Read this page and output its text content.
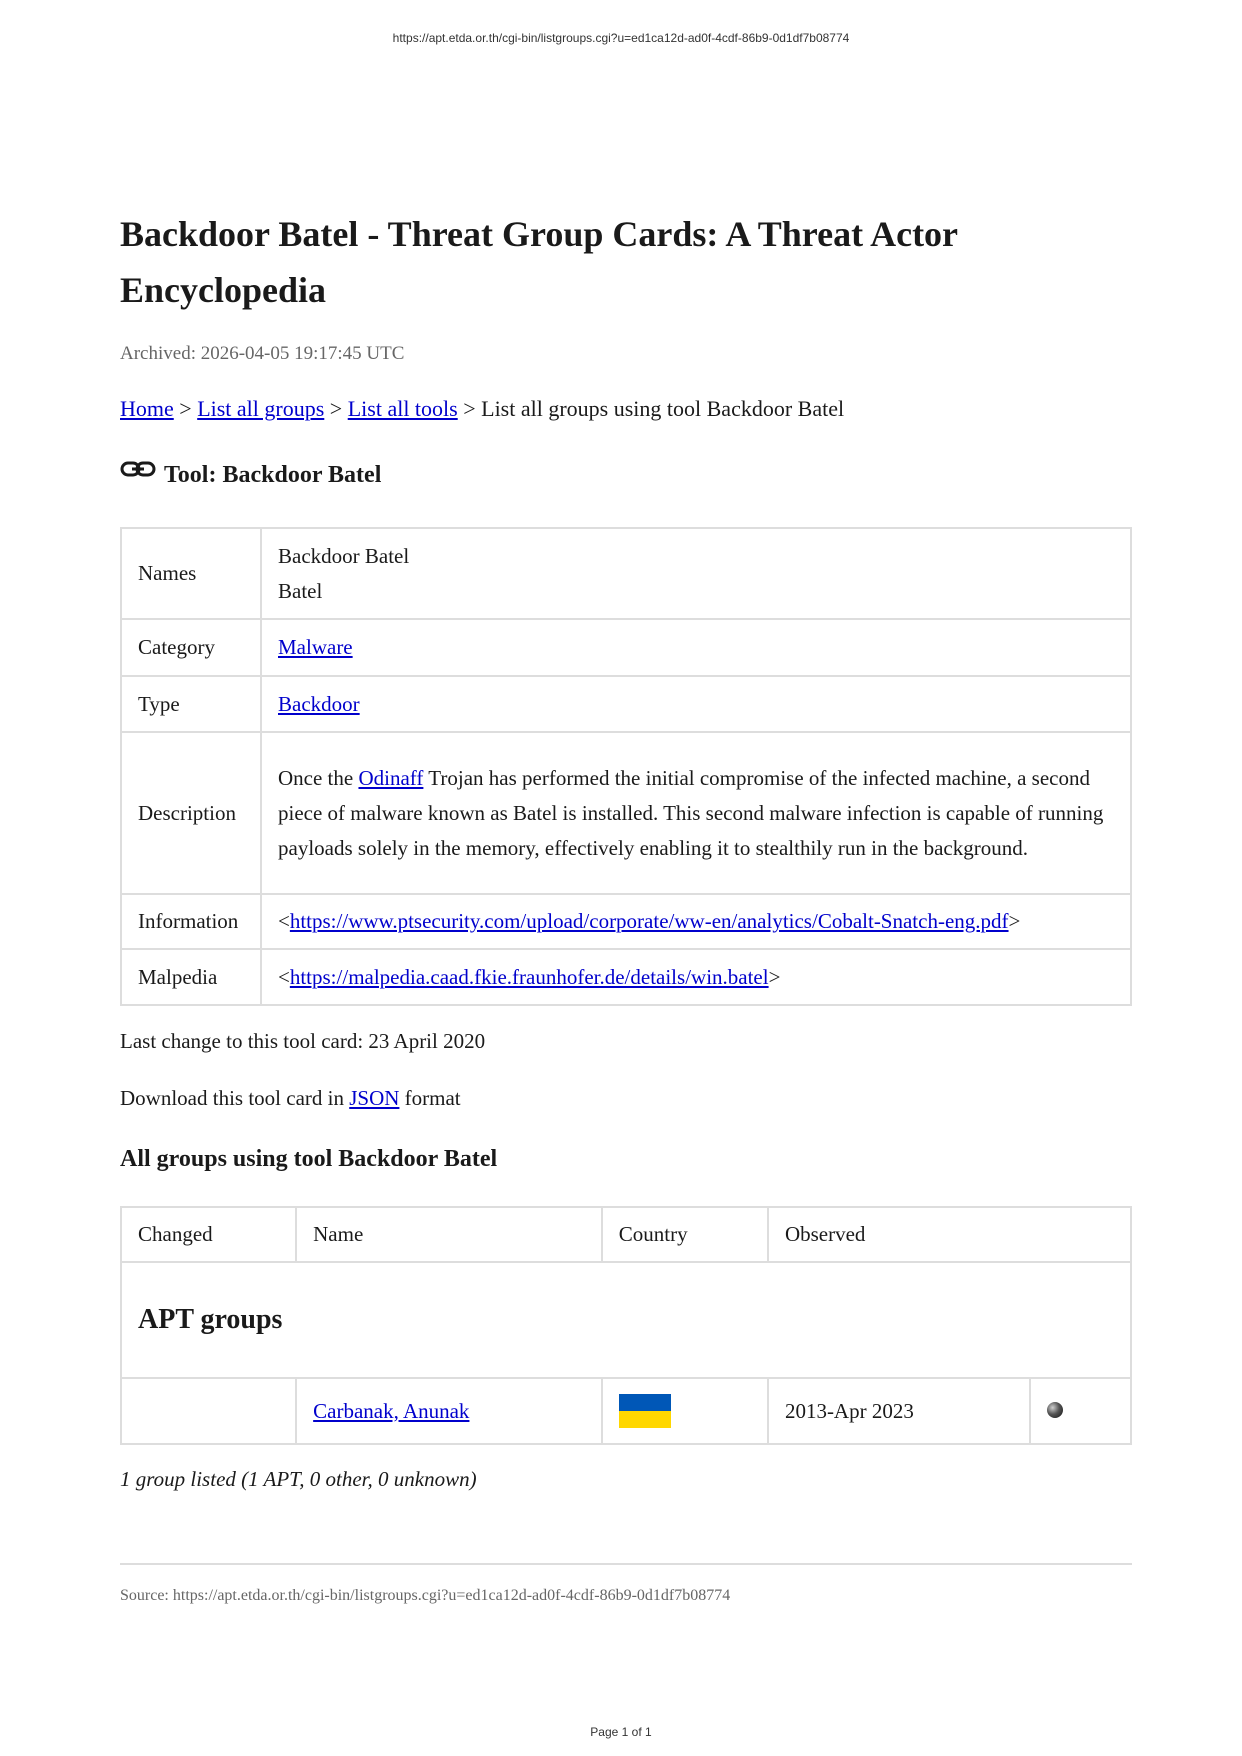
https://apt.etda.or.th/cgi-bin/listgroups.cgi?u=ed1ca12d-ad0f-4cdf-86b9-0d1df7b08774
Backdoor Batel - Threat Group Cards: A Threat Actor Encyclopedia
Archived: 2026-04-05 19:17:45 UTC
Home > List all groups > List all tools > List all groups using tool Backdoor Batel
Tool: Backdoor Batel
Names	Backdoor Batel
Batel

Category	Malware
Type	Backdoor
Description	Once the Odinaff Trojan has performed the initial compromise of the infected machine, a second piece of malware known as Batel is installed. This second malware infection is capable of running payloads solely in the memory, effectively enabling it to stealthily run in the background.
Information	<https://www.ptsecurity.com/upload/corporate/ww-en/analytics/Cobalt-Snatch-eng.pdf>
Malpedia	<https://malpedia.caad.fkie.fraunhofer.de/details/win.batel>
Last change to this tool card: 23 April 2020
Download this tool card in JSON format
All groups using tool Backdoor Batel
Changed	Name	Country	Observed	
APT groups				
	Carbanak, Anunak		2013-Apr 2023	
1 group listed (1 APT, 0 other, 0 unknown)
Source: https://apt.etda.or.th/cgi-bin/listgroups.cgi?u=ed1ca12d-ad0f-4cdf-86b9-0d1df7b08774
Page 1 of 1
